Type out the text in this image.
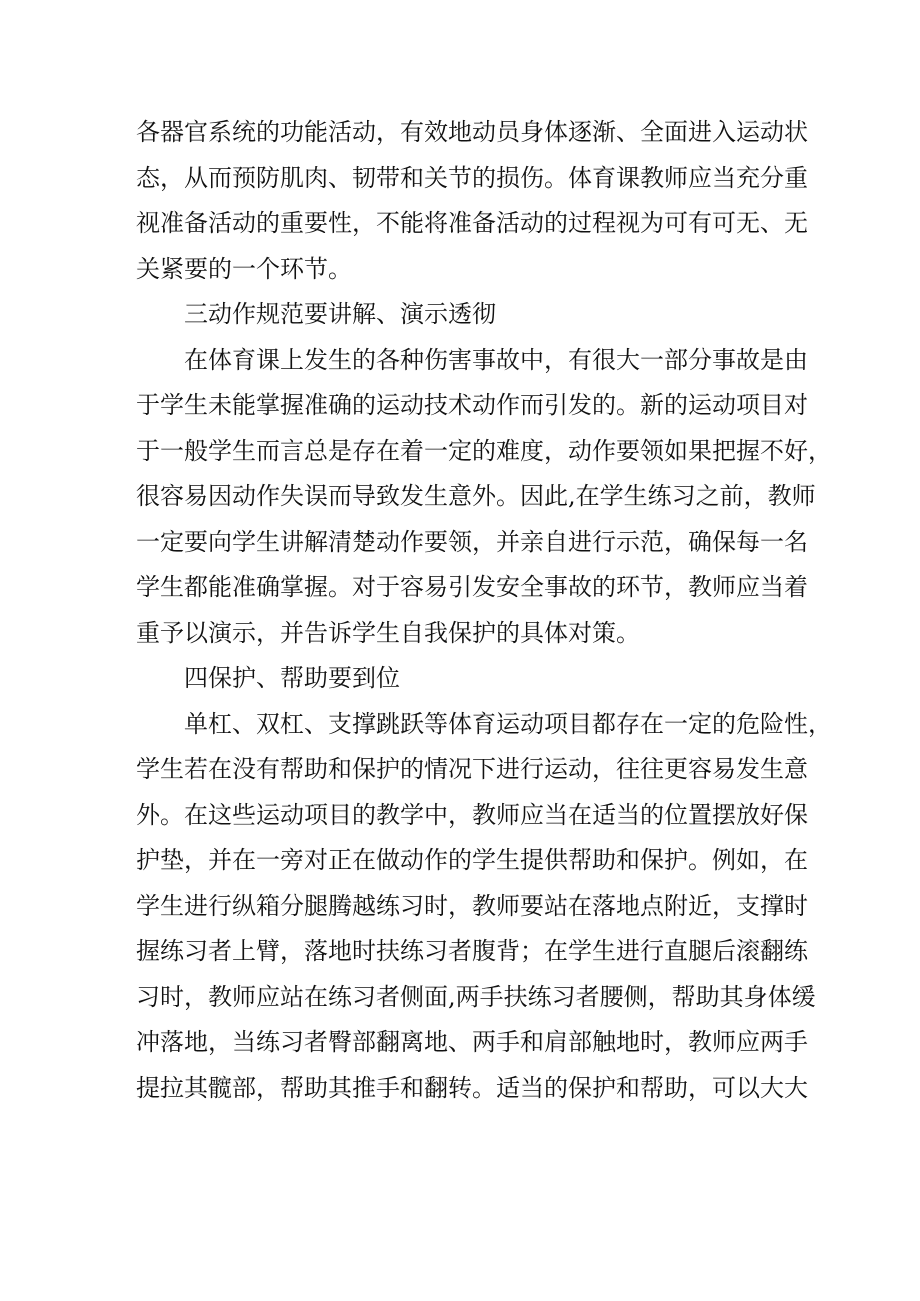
各器官系统的功能活动，有效地动员身体逐渐、全面进入运动状
态，从而预防肌肉、韧带和关节的损伤。体育课教师应当充分重
视准备活动的重要性，不能将准备活动的过程视为可有可无、无
关紧要的一个环节。
三动作规范要讲解、演示透彻
在体育课上发生的各种伤害事故中，有很大一部分事故是由
于学生未能掌握准确的运动技术动作而引发的。新的运动项目对
于一般学生而言总是存在着一定的难度，动作要领如果把握不好，
很容易因动作失误而导致发生意外。因此,在学生练习之前，教师
一定要向学生讲解清楚动作要领，并亲自进行示范，确保每一名
学生都能准确掌握。对于容易引发安全事故的环节，教师应当着
重予以演示，并告诉学生自我保护的具体对策。
四保护、帮助要到位
单杠、双杠、支撑跳跃等体育运动项目都存在一定的危险性，
学生若在没有帮助和保护的情况下进行运动，往往更容易发生意
外。在这些运动项目的教学中，教师应当在适当的位置摆放好保
护垫，并在一旁对正在做动作的学生提供帮助和保护。例如，在
学生进行纵箱分腿腾越练习时，教师要站在落地点附近，支撑时
握练习者上臂，落地时扶练习者腹背；在学生进行直腿后滚翻练
习时，教师应站在练习者侧面,两手扶练习者腰侧，帮助其身体缓
冲落地，当练习者臀部翻离地、两手和肩部触地时，教师应两手
提拉其髋部，帮助其推手和翻转。适当的保护和帮助，可以大大
